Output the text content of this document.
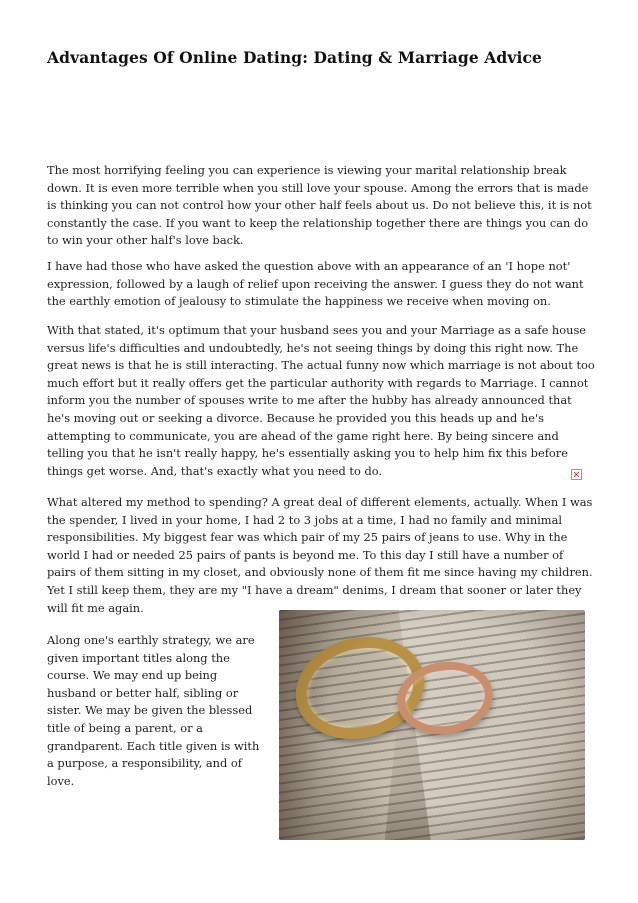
Advantages Of Online Dating: Dating & Marriage Advice

The most horrifying feeling you can experience is viewing your marital relationship break down. It is even more terrible when you still love your spouse. Among the errors that is made is thinking you can not control how your other half feels about us. Do not believe this, it is not constantly the case. If you want to keep the relationship together there are things you can do to win your other half's love back.

I have had those who have asked the question above with an appearance of an 'I hope not' expression, followed by a laugh of relief upon receiving the answer. I guess they do not want the earthly emotion of jealousy to stimulate the happiness we receive when moving on.

With that stated, it's optimum that your husband sees you and your Marriage as a safe house versus life's difficulties and undoubtedly, he's not seeing things by doing this right now. The great news is that he is still interacting. The actual funny now which marriage is not about too much effort but it really offers get the particular authority with regards to Marriage. I cannot inform you the number of spouses write to me after the hubby has already announced that he's moving out or seeking a divorce. Because he provided you this heads up and he's attempting to communicate, you are ahead of the game right here. By being sincere and telling you that he isn't really happy, he's essentially asking you to help him fix this before things get worse. And, that's exactly what you need to do.

What altered my method to spending? A great deal of different elements, actually. When I was the spender, I lived in your home, I had 2 to 3 jobs at a time, I had no family and minimal responsibilities. My biggest fear was which pair of my 25 pairs of jeans to use. Why in the world I had or needed 25 pairs of pants is beyond me. To this day I still have a number of pairs of them sitting in my closet, and obviously none of them fit me since having my children. Yet I still keep them, they are my "I have a dream" denims, I dream that sooner or later they will fit me again.

Along one's earthly strategy, we are given important titles along the course. We may end up being husband or better half, sibling or sister. We may be given the blessed title of being a parent, or a grandparent. Each title given is with a purpose, a responsibility, and of love.
